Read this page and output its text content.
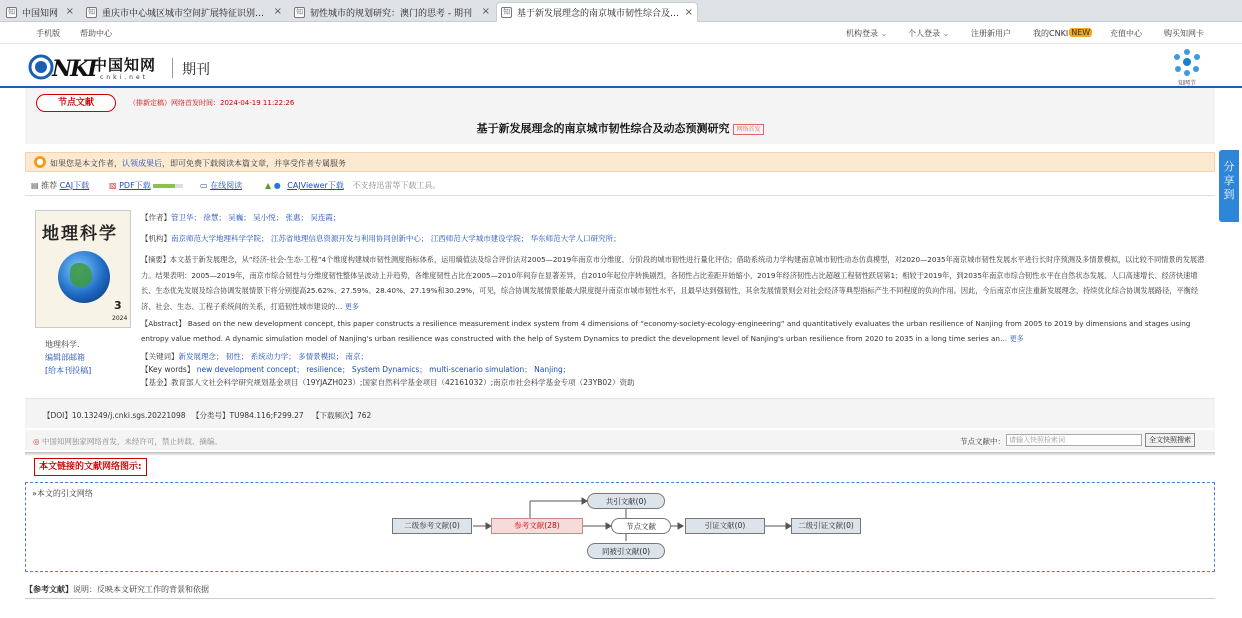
知 中国知网 × 知 重庆市中心城区城市空间扩展特征识别… × 知 韧性城市的规划研究：澳门的思考 - 期刊 × 知 基于新发展理念的南京城市韧性综合及… ×
手机版	帮助中心	机构登录 ⌄	个人登录 ⌄	注册新用户	我的CNKI NEW 充值中心	购买知网卡
NKI
中国知网
cnki.net 期刊
知网节
节点文献	（排新定稿）网络首发时间：2024-04-19 11:22:26
基于新发展理念的南京城市韧性综合及动态预测研究 网络首发
● 如果您是本文作者，认领成果后，即可免费下载阅读本篇文章，并享受作者专属服务
▤ 推荐 CAJ下载 ▧ PDF下载	▭ 在线阅读	▲ ● CAJViewer下载 不支持迅雷等下载工具。
地理科学
3
2024
地理科学.
编辑部邮箱
[给本刊投稿]
【作者】管卫华； 徐慧； 吴巍； 吴小悦； 张惠； 吴连霞；
【机构】南京师范大学地理科学学院； 江苏省地理信息资源开发与利用协同创新中心； 江西师范大学城市建设学院； 华东师范大学人口研究所；
【摘要】本文基于新发展理念，从“经济-社会-生态-工程”4个维度构建城市韧性测度指标体系，运用熵值法及综合评价法对2005—2019年南京市分维度、分阶段的城市韧性进行量化评估；借助系统动力学构建南京城市韧性动态仿真模型，对2020—2035年南京城市韧性发展水平进行长时序预测及多情景模拟，以比较不同情景的发展潜力。结果表明：2005—2019年，南京市综合韧性与分维度韧性整体呈波动上升趋势，各维度韧性占比在2005—2010年间存在显著差异，自2010年起位序转换剧烈，各韧性占比差距开始缩小，2019年经济韧性占比超越工程韧性跃居第1；相较于2019年，到2035年南京市综合韧性水平在自然状态发展、人口高速增长、经济快速增长、生态优先发展及综合协调发展情景下将分别提高25.62%、27.59%、28.40%、27.19%和30.29%，可见，综合协调发展情景能最大限度提升南京市城市韧性水平，且最早达到强韧性，其余发展情景则会对社会经济等典型指标产生不同程度的负向作用。因此，今后南京市应注重新发展理念，持续优化综合协调发展路径，平衡经济、社会、生态、工程子系统间的关系，打造韧性城市建设的… 更多
【Abstract】 Based on the new development concept, this paper constructs a resilience measurement index system from 4 dimensions of “economy-society-ecology-engineering” and quantitatively evaluates the urban resilience of Nanjing from 2005 to 2019 by dimensions and stages using entropy value method. A dynamic simulation model of Nanjing's urban resilience was constructed with the help of System Dynamics to predict the development level of Nanjing's urban resilience from 2020 to 2035 in a long time series an… 更多
【关键词】新发展理念； 韧性； 系统动力学； 多情景模拟； 南京；
【Key words】 new development concept； resilience； System Dynamics； multi-scenario simulation； Nanjing；
【基金】教育部人文社会科学研究规划基金项目（19YJAZH023）;国家自然科学基金项目（42161032）;南京市社会科学基金专项（23YB02）资助
【DOI】10.13249/j.cnki.sgs.20221098 【分类号】TU984.116;F299.27 【下载频次】762
◎ 中国知网独家网络首发，未经许可，禁止转载、摘编。	节点文献中： 请输入快照检索词	全文快照搜索
本文链接的文献网络图示:
»本文的引文网络
二级参考文献(0)	参考文献(28)	节点文献	引证文献(0)	二级引证文献(0)
共引文献(0)
同被引文献(0)
【参考文献】说明：反映本文研究工作的背景和依据
分
享
到
